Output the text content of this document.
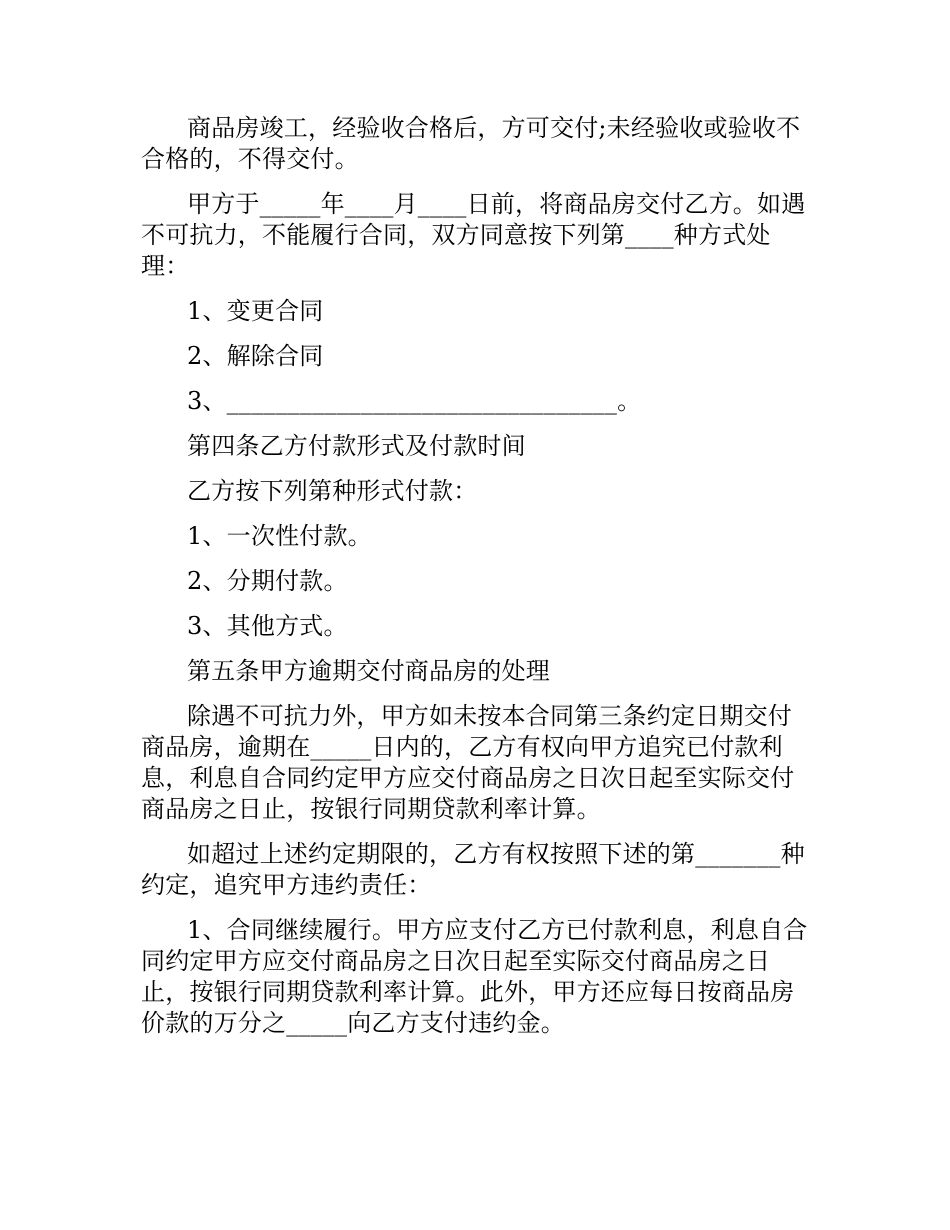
商品房竣工，经验收合格后，方可交付;未经验收或验收不合格的，不得交付。

甲方于_____年____月____日前，将商品房交付乙方。如遇不可抗力，不能履行合同，双方同意按下列第____种方式处理：

1、变更合同

2、解除合同

3、________________________________。

第四条乙方付款形式及付款时间

乙方按下列第种形式付款：

1、一次性付款。

2、分期付款。

3、其他方式。

第五条甲方逾期交付商品房的处理

除遇不可抗力外，甲方如未按本合同第三条约定日期交付商品房，逾期在_____日内的，乙方有权向甲方追究已付款利息，利息自合同约定甲方应交付商品房之日次日起至实际交付商品房之日止，按银行同期贷款利率计算。

如超过上述约定期限的，乙方有权按照下述的第_______种约定，追究甲方违约责任：

1、合同继续履行。甲方应支付乙方已付款利息，利息自合同约定甲方应交付商品房之日次日起至实际交付商品房之日止，按银行同期贷款利率计算。此外，甲方还应每日按商品房价款的万分之_____向乙方支付违约金。
